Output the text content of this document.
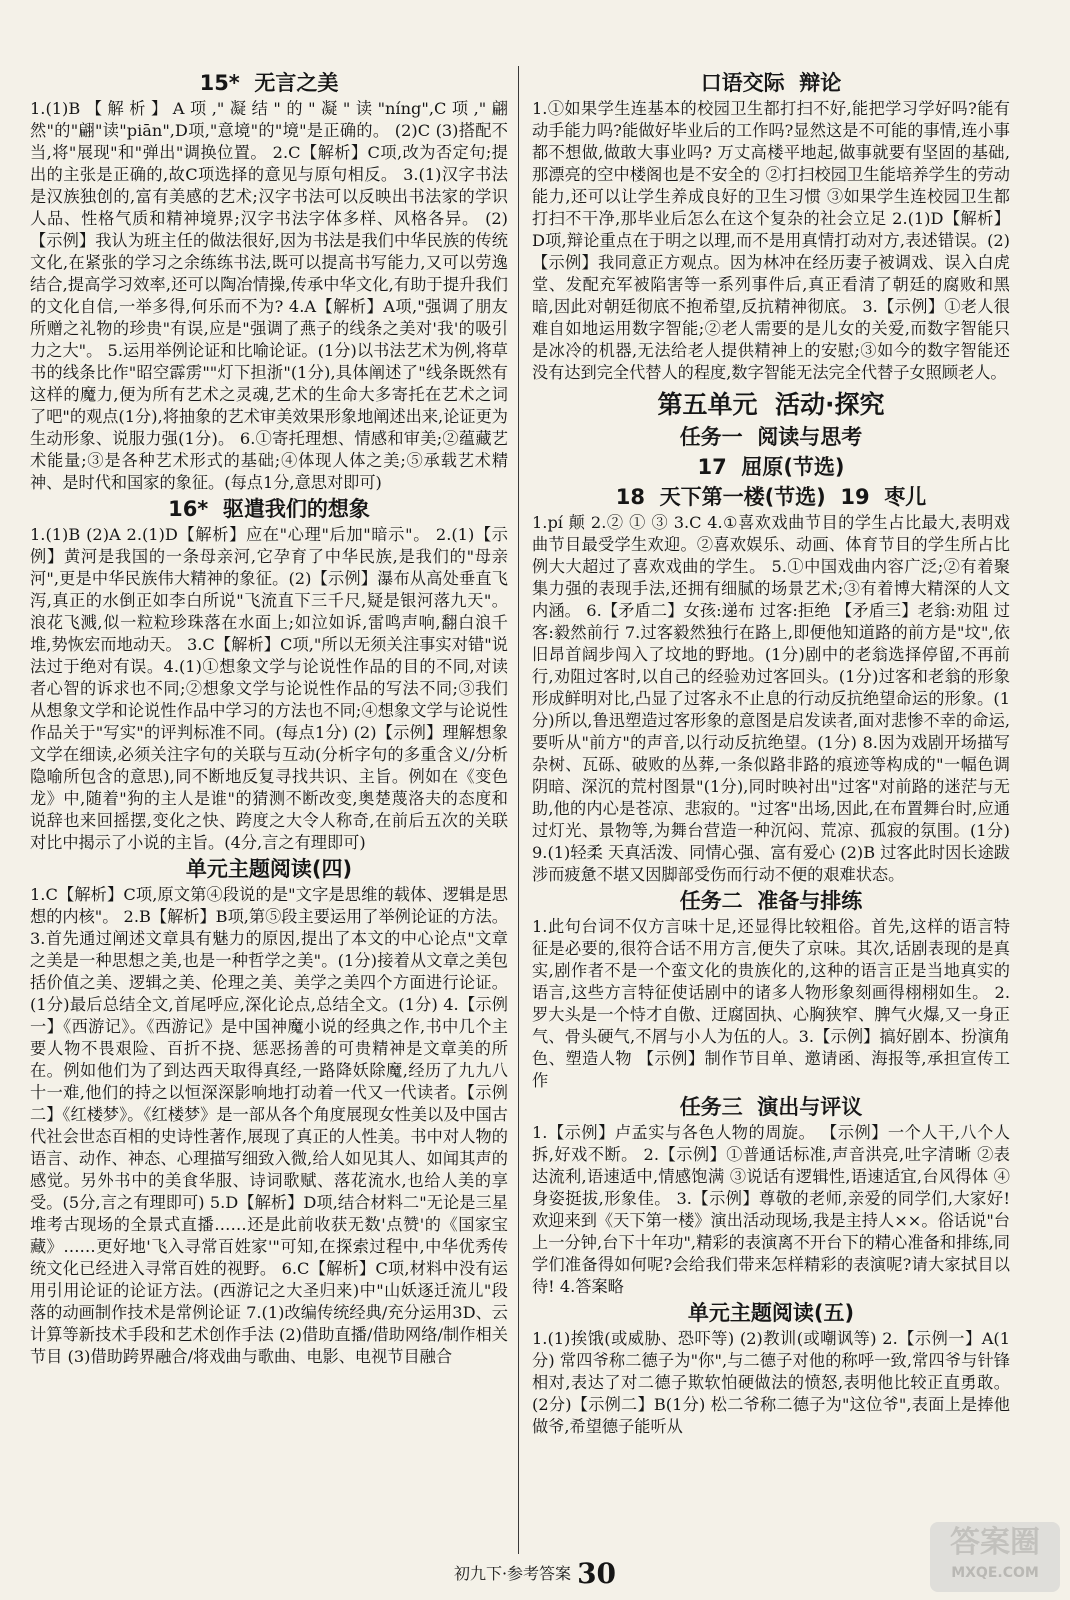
15*  无言之美
1.(1)B【解析】A项,"凝结"的"凝"读"níng",C项,"翩然"的"翩"读"piān",D项,"意境"的"境"是正确的。 (2)C (3)搭配不当,将"展现"和"弹出"调换位置。 2.C【解析】C项,改为否定句;提出的主张是正确的,故C项选择的意见与原句相反。 3.(1)汉字书法是汉族独创的,富有美感的艺术;汉字书法可以反映出书法家的学识人品、性格气质和精神境界;汉字书法字体多样、风格各异。 (2)【示例】我认为班主任的做法很好,因为书法是我们中华民族的传统文化,在紧张的学习之余练练书法,既可以提高书写能力,又可以劳逸结合,提高学习效率,还可以陶冶情操,传承中华文化,有助于提升我们的文化自信,一举多得,何乐而不为? 4.A【解析】A项,"强调了朋友所赠之礼物的珍贵"有误,应是"强调了燕子的线条之美对'我'的吸引力之大"。 5.运用举例论证和比喻论证。(1分)以书法艺术为例,将草书的线条比作"昭空霹雳""灯下担浙"(1分),具体阐述了"线条既然有这样的魔力,便为所有艺术之灵魂,艺术的生命大多寄托在艺术之词了吧"的观点(1分),将抽象的艺术审美效果形象地阐述出来,论证更为生动形象、说服力强(1分)。 6.①寄托理想、情感和审美;②蕴藏艺术能量;③是各种艺术形式的基础;④体现人体之美;⑤承载艺术精神、是时代和国家的象征。(每点1分,意思对即可)
16*  驱遣我们的想象
1.(1)B (2)A 2.(1)D【解析】应在"心理"后加"暗示"。 2.(1)【示例】黄河是我国的一条母亲河,它孕育了中华民族,是我们的"母亲河",更是中华民族伟大精神的象征。(2)【示例】瀑布从高处垂直飞泻,真正的水倒正如李白所说"飞流直下三千尺,疑是银河落九天"。浪花飞溅,似一粒粒珍珠落在水面上;如泣如诉,雷鸣声响,翻白浪千堆,势恢宏而地动天。 3.C【解析】C项,"所以无须关注事实对错"说法过于绝对有误。4.(1)①想象文学与论说性作品的目的不同,对读者心智的诉求也不同;②想象文学与论说性作品的写法不同;③我们从想象文学和论说性作品中学习的方法也不同;④想象文学与论说性作品关于"写实"的评判标准不同。(每点1分) (2)【示例】理解想象文学在细读,必须关注字句的关联与互动(分析字句的多重含义/分析隐喻所包含的意思),同不断地反复寻找共识、主旨。例如在《变色龙》中,随着"狗的主人是谁"的猜测不断改变,奥楚蔑洛夫的态度和说辞也来回摇摆,变化之快、跨度之大令人称奇,在前后五次的关联对比中揭示了小说的主旨。(4分,言之有理即可)
单元主题阅读(四)
1.C【解析】C项,原文第④段说的是"文字是思维的载体、逻辑是思想的内核"。 2.B【解析】B项,第⑤段主要运用了举例论证的方法。 3.首先通过阐述文章具有魅力的原因,提出了本文的中心论点"文章之美是一种思想之美,也是一种哲学之美"。(1分)接着从文章之美包括价值之美、逻辑之美、伦理之美、美学之美四个方面进行论证。(1分)最后总结全文,首尾呼应,深化论点,总结全文。(1分) 4.【示例一】《西游记》。《西游记》是中国神魔小说的经典之作,书中几个主要人物不畏艰险、百折不挠、惩恶扬善的可贵精神是文章美的所在。例如他们为了到达西天取得真经,一路降妖除魔,经历了九九八十一难,他们的持之以恒深深影响地打动着一代又一代读者。【示例二】《红楼梦》。《红楼梦》是一部从各个角度展现女性美以及中国古代社会世态百相的史诗性著作,展现了真正的人性美。书中对人物的语言、动作、神态、心理描写细致入微,给人如见其人、如闻其声的感觉。另外书中的美食华服、诗词歌赋、落花流水,也给人美的享受。(5分,言之有理即可) 5.D【解析】D项,结合材料二"无论是三星堆考古现场的全景式直播……还是此前收获无数'点赞'的《国家宝藏》……更好地'飞入寻常百姓家'"可知,在探索过程中,中华优秀传统文化已经进入寻常百姓的视野。 6.C【解析】C项,材料中没有运用引用论证的论证方法。(西游记之大圣归来)中"山妖逐迁流儿"段落的动画制作技术是常例论证 7.(1)改编传统经典/充分运用3D、云计算等新技术手段和艺术创作手法 (2)借助直播/借助网络/制作相关节目 (3)借助跨界融合/将戏曲与歌曲、电影、电视节目融合
口语交际  辩论
1.①如果学生连基本的校园卫生都打扫不好,能把学习学好吗?能有动手能力吗?能做好毕业后的工作吗?显然这是不可能的事情,连小事都不想做,做敢大事业吗? 万丈高楼平地起,做事就要有坚固的基础,那漂亮的空中楼阁也是不安全的 ②打扫校园卫生能培养学生的劳动能力,还可以让学生养成良好的卫生习惯 ③如果学生连校园卫生都打扫不干净,那毕业后怎么在这个复杂的社会立足 2.(1)D【解析】D项,辩论重点在于明之以理,而不是用真情打动对方,表述错误。(2)【示例】我同意正方观点。因为林冲在经历妻子被调戏、误入白虎堂、发配充军被陷害等一系列事件后,真正看清了朝廷的腐败和黑暗,因此对朝廷彻底不抱希望,反抗精神彻底。 3.【示例】①老人很难自如地运用数字智能;②老人需要的是儿女的关爱,而数字智能只是冰冷的机器,无法给老人提供精神上的安慰;③如今的数字智能还没有达到完全代替人的程度,数字智能无法完全代替子女照顾老人。
第五单元  活动·探究
任务一  阅读与思考
17  屈原(节选)
18  天下第一楼(节选)  19  枣儿
1.pí 颠 2.② ① ③ 3.C 4.①喜欢戏曲节目的学生占比最大,表明戏曲节目最受学生欢迎。②喜欢娱乐、动画、体育节目的学生所占比例大大超过了喜欢戏曲的学生。 5.①中国戏曲内容广泛;②有着聚集力强的表现手法,还拥有细腻的场景艺术;③有着博大精深的人文内涵。 6.【矛盾二】女孩:递布 过客:拒绝 【矛盾三】老翁:劝阻 过客:毅然前行 7.过客毅然独行在路上,即便他知道路的前方是"坟",依旧昂首阔步闯入了坟地的野地。(1分)剧中的老翁选择停留,不再前行,劝阻过客时,以自己的经验劝过客回头。(1分)过客和老翁的形象形成鲜明对比,凸显了过客永不止息的行动反抗绝望命运的形象。(1分)所以,鲁迅塑造过客形象的意图是启发读者,面对悲惨不幸的命运,要听从"前方"的声音,以行动反抗绝望。(1分) 8.因为戏剧开场描写杂树、瓦砾、破败的丛葬,一条似路非路的痕迹等构成的"一幅色调阴暗、深沉的荒村图景"(1分),同时映衬出"过客"对前路的迷茫与无助,他的内心是苍凉、悲寂的。"过客"出场,因此,在布置舞台时,应通过灯光、景物等,为舞台营造一种沉闷、荒凉、孤寂的氛围。(1分) 9.(1)轻柔 天真活泼、同情心强、富有爱心 (2)B 过客此时因长途跋涉而疲惫不堪又因脚部受伤而行动不便的艰难状态。
任务二  准备与排练
1.此句台词不仅方言味十足,还显得比较粗俗。首先,这样的语言特征是必要的,很符合话不用方言,便失了京味。其次,话剧表现的是真实,剧作者不是一个蛮文化的贵族化的,这种的语言正是当地真实的语言,这些方言特征使话剧中的诸多人物形象刻画得栩栩如生。 2.罗大头是一个恃才自傲、迂腐固执、心胸狭窄、脾气火爆,又一身正气、骨头硬气,不屑与小人为伍的人。3.【示例】搞好剧本、扮演角色、塑造人物 【示例】制作节目单、邀请函、海报等,承担宣传工作
任务三  演出与评议
1.【示例】卢孟实与各色人物的周旋。 【示例】一个人干,八个人拆,好戏不断。 2.【示例】①普通话标准,声音洪亮,吐字清晰 ②表达流利,语速适中,情感饱满 ③说话有逻辑性,语速适宜,台风得体 ④身姿挺拔,形象佳。 3.【示例】尊敬的老师,亲爱的同学们,大家好! 欢迎来到《天下第一楼》演出活动现场,我是主持人××。俗话说"台上一分钟,台下十年功",精彩的表演离不开台下的精心准备和排练,同学们准备得如何呢?会给我们带来怎样精彩的表演呢?请大家拭目以待! 4.答案略
单元主题阅读(五)
1.(1)挨饿(或威胁、恐吓等) (2)教训(或嘲讽等) 2.【示例一】A(1分) 常四爷称二德子为"你",与二德子对他的称呼一致,常四爷与针锋相对,表达了对二德子欺软怕硬做法的愤怒,表明他比较正直勇敢。(2分)【示例二】B(1分) 松二爷称二德子为"这位爷",表面上是捧他做爷,希望德子能听从
初九下·参考答案 30
答案圈
MXQE.COM
